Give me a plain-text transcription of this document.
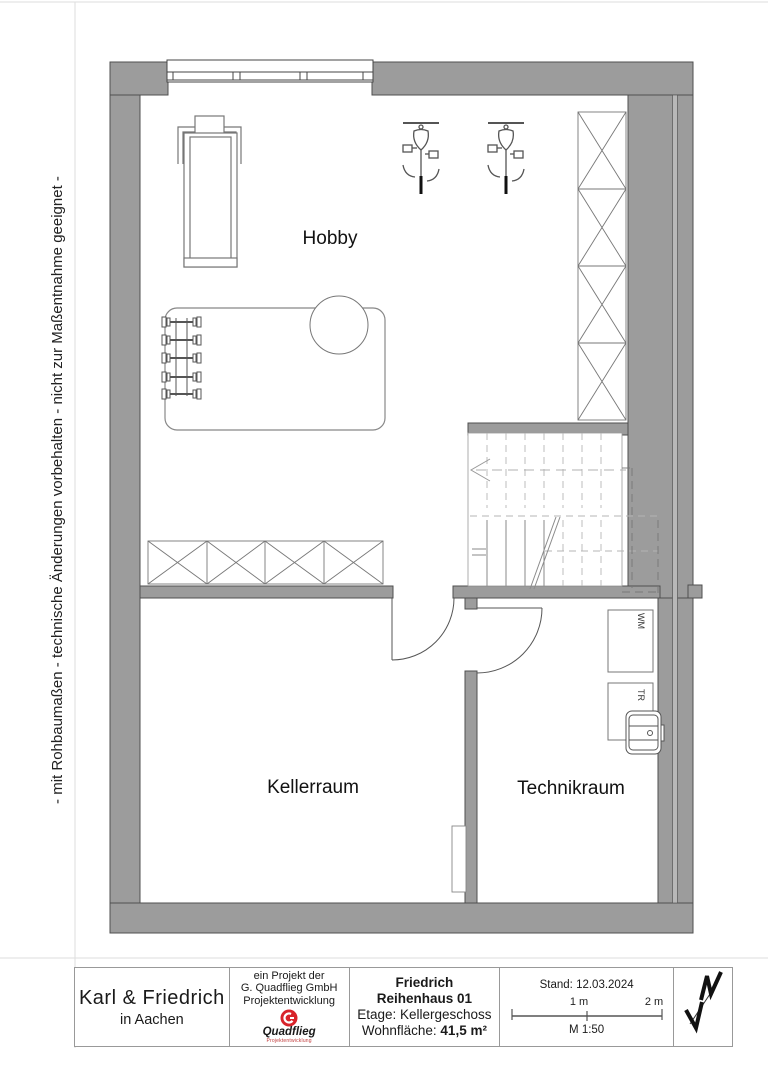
- mit Rohbaumaßen - technische Änderungen vorbehalten - nicht zur Maßentnahme geeignet -	Hobby
Kellerraum	Technikraum
WM
TR
Karl & Friedrich
in Aachen
ein Projekt der
G. Quadflieg GmbH
Projektentwicklung
Quadflieg
Projektentwicklung
Friedrich
Reihenhaus 01
Etage: Kellergeschoss
Wohnfläche: 41,5 m²
Stand: 12.03.2024
1 m	2 m
M 1:50
